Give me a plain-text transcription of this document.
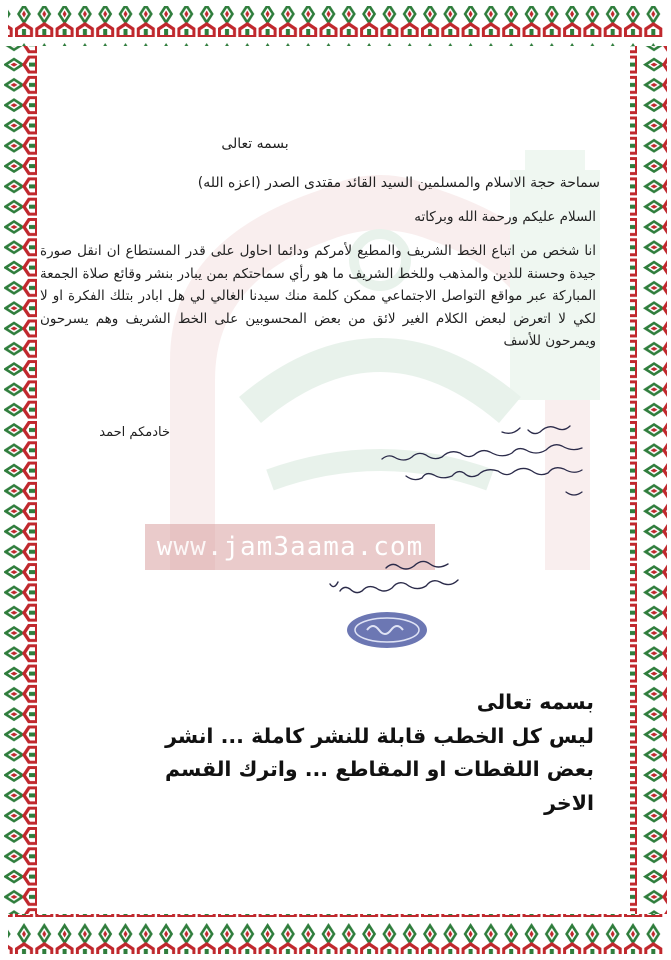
www.jam3aama.com
بسمه تعالى
سماحة حجة الاسلام والمسلمين السيد القائد مقتدى الصدر (اعزه الله)
السلام عليكم ورحمة الله وبركاته
انا شخص من اتباع الخط الشريف والمطيع لأمركم ودائما احاول على قدر المستطاع ان انقل صورة جيدة وحسنة للدين والمذهب وللخط الشريف ما هو رأي سماحتكم بمن يبادر بنشر وقائع صلاة الجمعة المباركة عبر مواقع التواصل الاجتماعي ممكن كلمة منك سيدنا الغالي لي هل ابادر بتلك الفكرة او لا لكي لا اتعرض لبعض الكلام الغير لائق من بعض المحسوبين على الخط الشريف وهم يسرحون ويمرحون للأسف
خادمكم احمد
بسمه تعالى
ليس كل الخطب قابلة للنشر كاملة ... انشر
بعض اللقطات او المقاطع ... واترك القسم
الاخر
